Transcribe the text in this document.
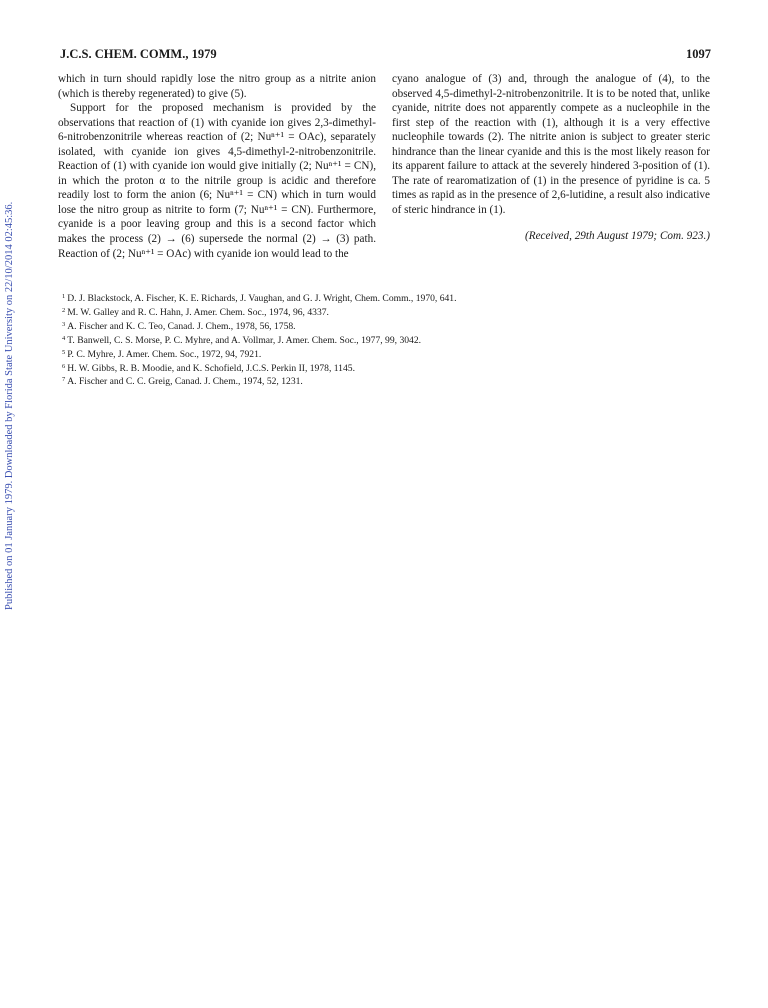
Published on 01 January 1979. Downloaded by Florida State University on 22/10/2014 02:45:36.
J.C.S. CHEM. COMM., 1979	1097

which in turn should rapidly lose the nitro group as a nitrite anion (which is thereby regenerated) to give (5).

Support for the proposed mechanism is provided by the observations that reaction of (1) with cyanide ion gives 2,3-dimethyl-6-nitrobenzonitrile whereas reaction of (2; Nuⁿ⁺¹ = OAc), separately isolated, with cyanide ion gives 4,5-dimethyl-2-nitrobenzonitrile. Reaction of (1) with cyanide ion would give initially (2; Nuⁿ⁺¹ = CN), in which the proton α to the nitrile group is acidic and therefore readily lost to form the anion (6; Nuⁿ⁺¹ = CN) which in turn would lose the nitro group as nitrite to form (7; Nuⁿ⁺¹ = CN). Furthermore, cyanide is a poor leaving group and this is a second factor which makes the process (2) → (6) supersede the normal (2) → (3) path. Reaction of (2; Nuⁿ⁺¹ = OAc) with cyanide ion would lead to the

cyano analogue of (3) and, through the analogue of (4), to the observed 4,5-dimethyl-2-nitrobenzonitrile. It is to be noted that, unlike cyanide, nitrite does not apparently compete as a nucleophile in the first step of the reaction with (1), although it is a very effective nucleophile towards (2). The nitrite anion is subject to greater steric hindrance than the linear cyanide and this is the most likely reason for its apparent failure to attack at the severely hindered 3-position of (1). The rate of rearomatization of (1) in the presence of pyridine is ca. 5 times as rapid as in the presence of 2,6-lutidine, a result also indicative of steric hindrance in (1).

(Received, 29th August 1979; Com. 923.)

$^1$ D. J. Blackstock, A. Fischer, K. E. Richards, J. Vaughan, and G. J. Wright, Chem. Comm., 1970, 641.
$^2$ M. W. Galley and R. C. Hahn, J. Amer. Chem. Soc., 1974, 96, 4337.
$^3$ A. Fischer and K. C. Teo, Canad. J. Chem., 1978, 56, 1758.
$^4$ T. Banwell, C. S. Morse, P. C. Myhre, and A. Vollmar, J. Amer. Chem. Soc., 1977, 99, 3042.
$^5$ P. C. Myhre, J. Amer. Chem. Soc., 1972, 94, 7921.
$^6$ H. W. Gibbs, R. B. Moodie, and K. Schofield, J.C.S. Perkin II, 1978, 1145.
$^7$ A. Fischer and C. C. Greig, Canad. J. Chem., 1974, 52, 1231.
